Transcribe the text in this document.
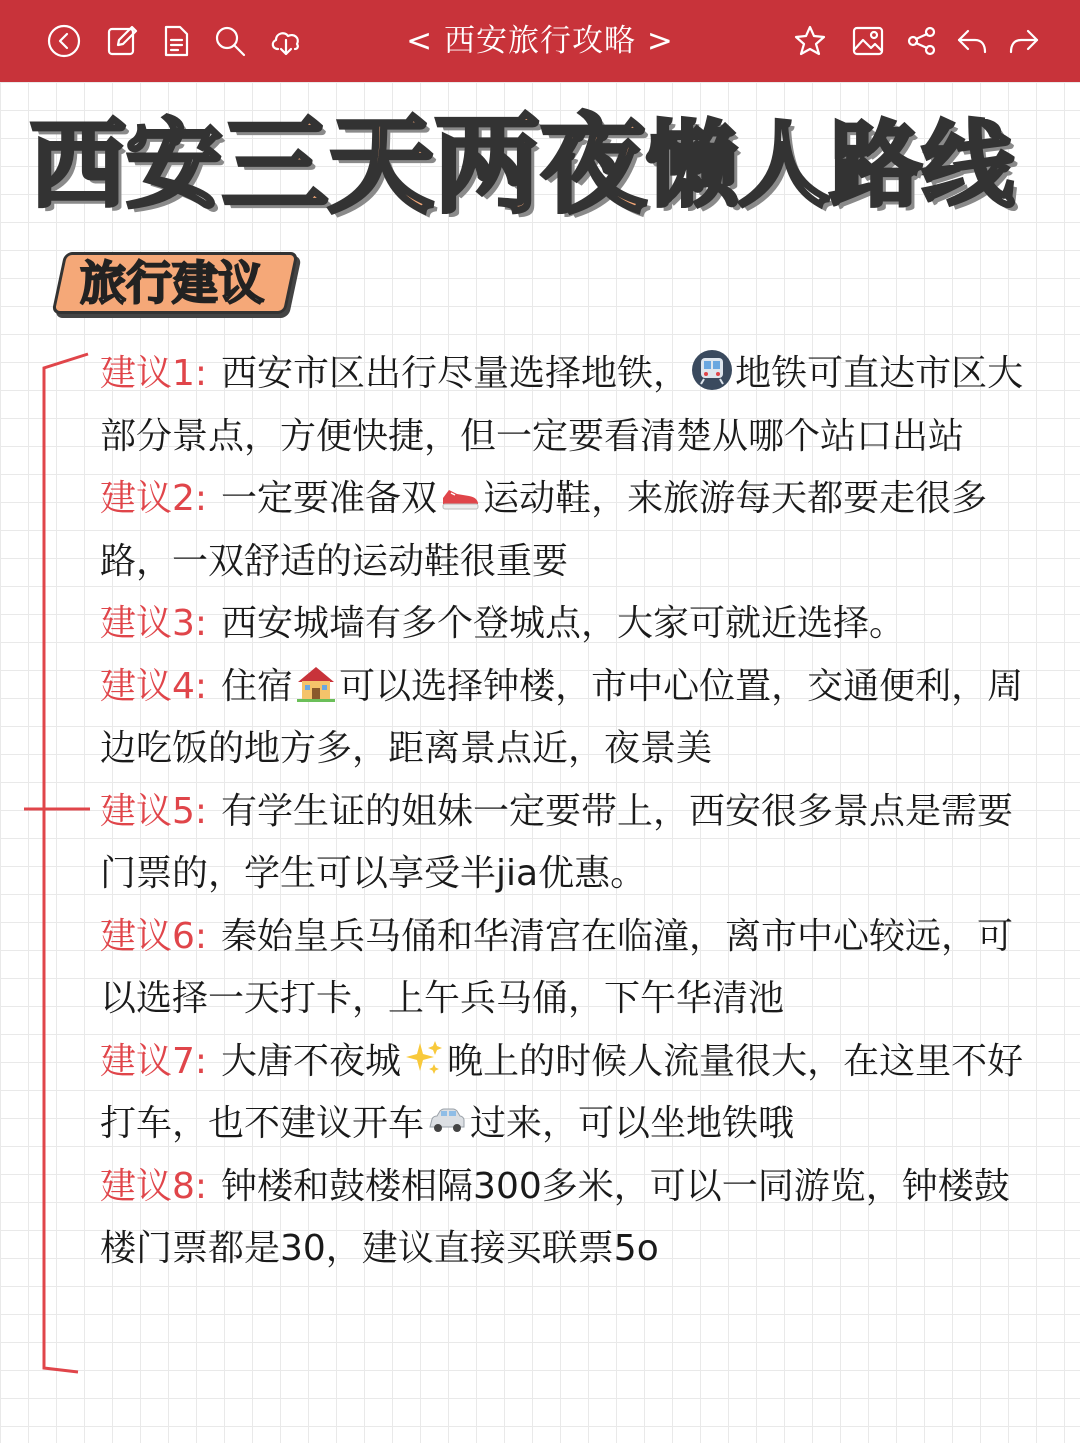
< 西安旅行攻略 >
西安三天两夜懒人路线
旅行建议

建议1: 西安市区出行尽量选择地铁， 地铁可直达市区大部分景点，方便快捷，但一定要看清楚从哪个站口出站

建议2: 一定要准备双 运动鞋，来旅游每天都要走很多路，一双舒适的运动鞋很重要

建议3: 西安城墙有多个登城点，大家可就近选择。

建议4: 住宿 可以选择钟楼，市中心位置，交通便利，周边吃饭的地方多，距离景点近，夜景美

建议5: 有学生证的姐妹一定要带上，西安很多景点是需要门票的，学生可以享受半jia优惠。

建议6: 秦始皇兵马俑和华清宫在临潼，离市中心较远，可以选择一天打卡，上午兵马俑，下午华清池

建议7: 大唐不夜城 晚上的时候人流量很大，在这里不好打车，也不建议开车 过来，可以坐地铁哦

建议8: 钟楼和鼓楼相隔300多米，可以一同游览，钟楼鼓楼门票都是30，建议直接买联票5o
